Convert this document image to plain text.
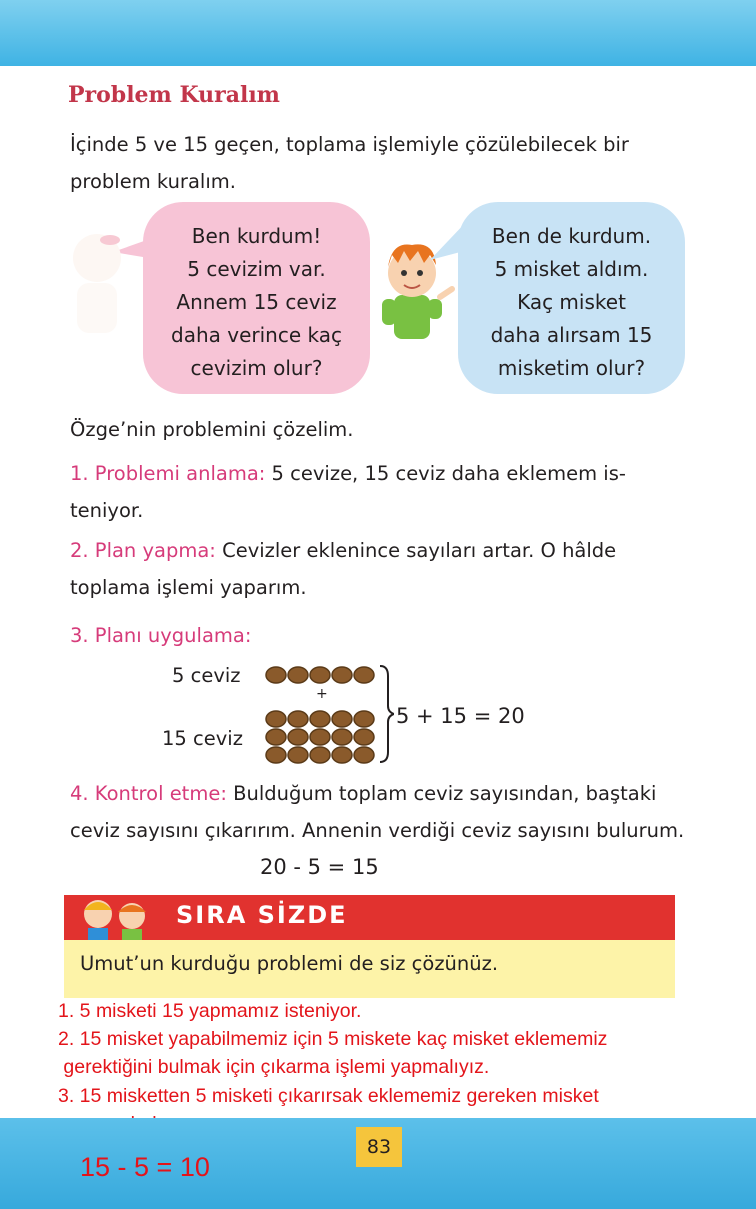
Problem Kuralım
İçinde 5 ve 15 geçen, toplama işlemiyle çözülebilecek bir problem kuralım.
Ben kurdum!
5 cevizim var.
Annem 15 ceviz
daha verince kaç
cevizim olur?
Ben de kurdum.
5 misket aldım.
Kaç misket
daha alırsam 15
misketim olur?
Özge’nin problemini çözelim.
1. Problemi anlama: 5 cevize, 15 ceviz daha eklemem is-
teniyor.
2. Plan yapma: Cevizler eklenince sayıları artar. O hâlde
toplama işlemi yaparım.
3. Planı uygulama:
5 ceviz
+
15 ceviz
5 + 15 = 20
4. Kontrol etme: Bulduğum toplam ceviz sayısından, baştaki
ceviz sayısını çıkarırım. Annenin verdiği ceviz sayısını bulurum.
20 - 5 = 15
SIRA SİZDE
Umut’un kurduğu problemi de siz çözünüz.
1. 5 misketi 15 yapmamız isteniyor.
2. 15 misket yapabilmemiz için 5 miskete kaç misket eklememiz
gerektiğini bulmak için çıkarma işlemi yapmalıyız.
3. 15 misketten 5 misketi çıkarırsak eklememiz gereken misket
83
15 - 5 = 10
